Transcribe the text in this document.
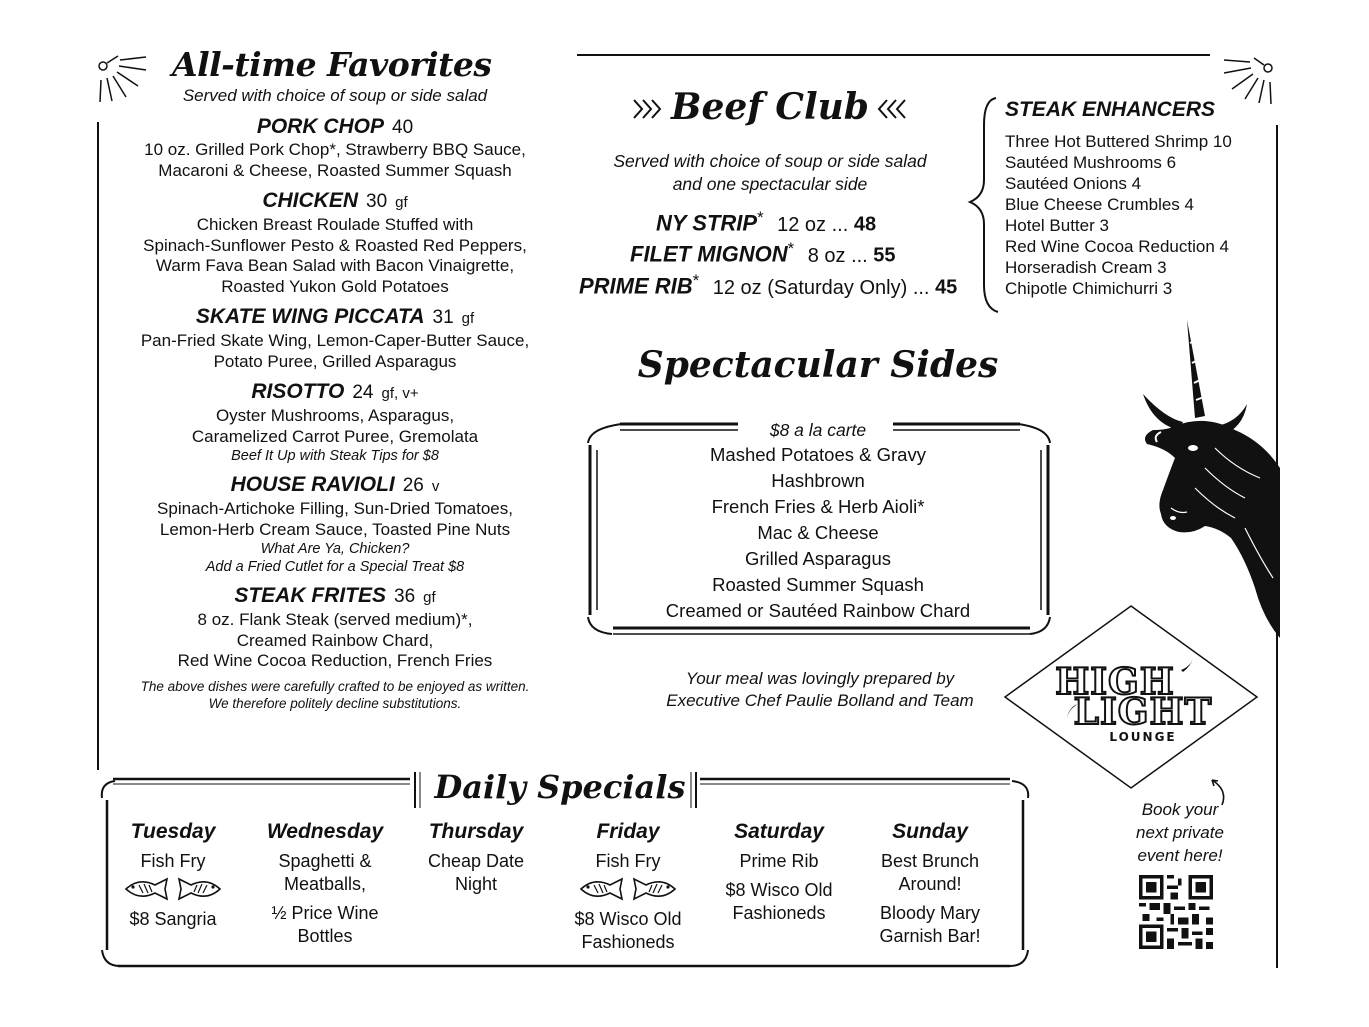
All-time Favorites
Served with choice of soup or side salad
PORK CHOP 40
10 oz. Grilled Pork Chop*, Strawberry BBQ Sauce,
Macaroni & Cheese, Roasted Summer Squash
CHICKEN 30 gf
Chicken Breast Roulade Stuffed with
Spinach-Sunflower Pesto & Roasted Red Peppers,
Warm Fava Bean Salad with Bacon Vinaigrette,
Roasted Yukon Gold Potatoes
SKATE WING PICCATA 31 gf
Pan-Fried Skate Wing, Lemon-Caper-Butter Sauce,
Potato Puree, Grilled Asparagus
RISOTTO 24 gf, v+
Oyster Mushrooms, Asparagus,
Caramelized Carrot Puree, Gremolata
Beef It Up with Steak Tips for $8
HOUSE RAVIOLI 26 v
Spinach-Artichoke Filling, Sun-Dried Tomatoes,
Lemon-Herb Cream Sauce, Toasted Pine Nuts
What Are Ya, Chicken?
Add a Fried Cutlet for a Special Treat $8
STEAK FRITES 36 gf
8 oz. Flank Steak (served medium)*,
Creamed Rainbow Chard,
Red Wine Cocoa Reduction, French Fries
The above dishes were carefully crafted to be enjoyed as written.
We therefore politely decline substitutions.
Beef Club
Served with choice of soup or side salad
and one spectacular side
NY STRIP* 12 oz ... 48
FILET MIGNON* 8 oz ... 55
PRIME RIB* 12 oz (Saturday Only) ... 45
STEAK ENHANCERS
Three Hot Buttered Shrimp 10
Sautéed Mushrooms 6
Sautéed Onions 4
Blue Cheese Crumbles 4
Hotel Butter 3
Red Wine Cocoa Reduction 4
Horseradish Cream 3
Chipotle Chimichurri 3
Spectacular Sides
$8 a la carte
Mashed Potatoes & Gravy
Hashbrown
French Fries & Herb Aioli*
Mac & Cheese
Grilled Asparagus
Roasted Summer Squash
Creamed or Sautéed Rainbow Chard
Your meal was lovingly prepared by
Executive Chef Paulie Bolland and Team	HIGH
LIGHT
LOUNGE
Book your
next private
event here!
Daily Specials
Tuesday
Fish Fry
$8 Sangria
Wednesday
Spaghetti &
Meatballs,
½ Price Wine
Bottles
Thursday
Cheap Date
Night
Friday
Fish Fry
$8 Wisco Old
Fashioneds
Saturday
Prime Rib
$8 Wisco Old
Fashioneds
Sunday
Best Brunch
Around!
Bloody Mary
Garnish Bar!
